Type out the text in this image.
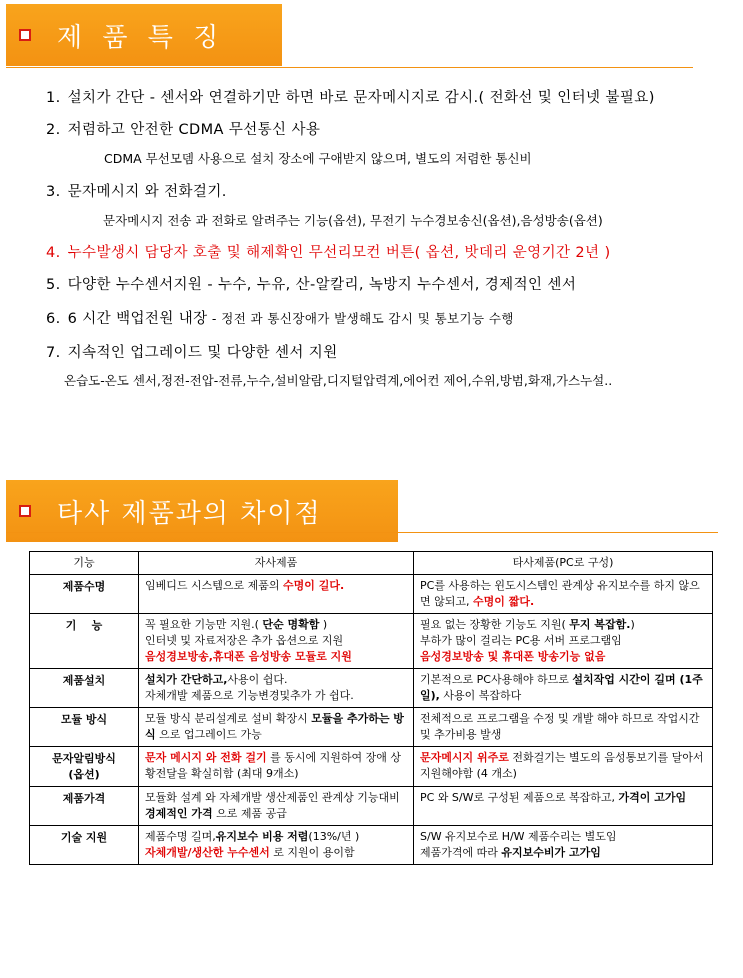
제 품 특 징
1. 설치가 간단 - 센서와 연결하기만 하면 바로 문자메시지로 감시.( 전화선 및 인터넷 불필요)
2. 저렴하고 안전한 CDMA 무선통신 사용
CDMA 무선모뎀 사용으로 설치 장소에 구애받지 않으며, 별도의 저렴한 통신비
3. 문자메시지 와 전화걸기.
문자메시지 전송 과 전화로 알려주는 기능(옵션), 무전기 누수경보송신(옵션),음성방송(옵션)
4. 누수발생시 담당자 호출 및 해제확인 무선리모컨 버튼( 옵션, 밧데리 운영기간 2년 )
5. 다양한 누수센서지원 - 누수, 누유, 산-알칼리, 녹방지 누수센서, 경제적인 센서
6. 6 시간 백업전원 내장 - 정전 과 통신장애가 발생해도 감시 및 통보기능 수행
7. 지속적인 업그레이드 및 다양한 센서 지원
온습도-온도 센서,정전-전압-전류,누수,설비알람,디지털압력계,에어컨 제어,수위,방범,화재,가스누설..
타사 제품과의 차이점
기능	자사제품	타사제품(PC로 구성)
제품수명	임베디드 시스템으로 제품의 수명이 길다.	PC를 사용하는 윈도시스템인 관계상 유지보수를 하지 않으면 않되고, 수명이 짧다.
기    능	꼭 필요한 기능만 지원.( 단순 명확함 )
인터넷 및 자료저장은 추가 옵션으로 지원
음성경보방송,휴대폰 음성방송 모듈로 지원	필요 없는 장황한 기능도 지원( 무지 복잡함.)
부하가 많이 걸리는 PC용 서버 프로그램임
음성경보방송 및 휴대폰 방송기능 없음
제품설치	설치가 간단하고,사용이 쉽다.
자체개발 제품으로 기능변경및추가 가 쉽다.	기본적으로 PC사용해야 하므로 설치작업 시간이 길며 (1주일), 사용이 복잡하다
모듈 방식	모듈 방식 분리설계로 설비 확장시 모듈을 추가하는 방식 으로 업그레이드 가능	전체적으로 프로그램을 수정 및 개발 해야 하므로 작업시간 및 추가비용 발생
문자알림방식
(옵션)	문자 메시지 와 전화 걸기 를 동시에 지원하여 장애 상황전달을 확실히함 (최대 9개소)	문자메시지 위주로 전화걸기는 별도의 음성통보기를 달아서 지원해야함 (4 개소)
제품가격	모듈화 설계 와 자체개발 생산제품인 관계상 기능대비 경제적인 가격 으로 제품 공급	PC 와 S/W로 구성된 제품으로 복잡하고, 가격이 고가임
기술 지원	제품수명 길며,유지보수 비용 저렴(13%/년 )
자체개발/생산한 누수센서 로 지원이 용이함	S/W 유지보수로 H/W 제품수리는 별도임
제품가격에 따라 유지보수비가 고가임
